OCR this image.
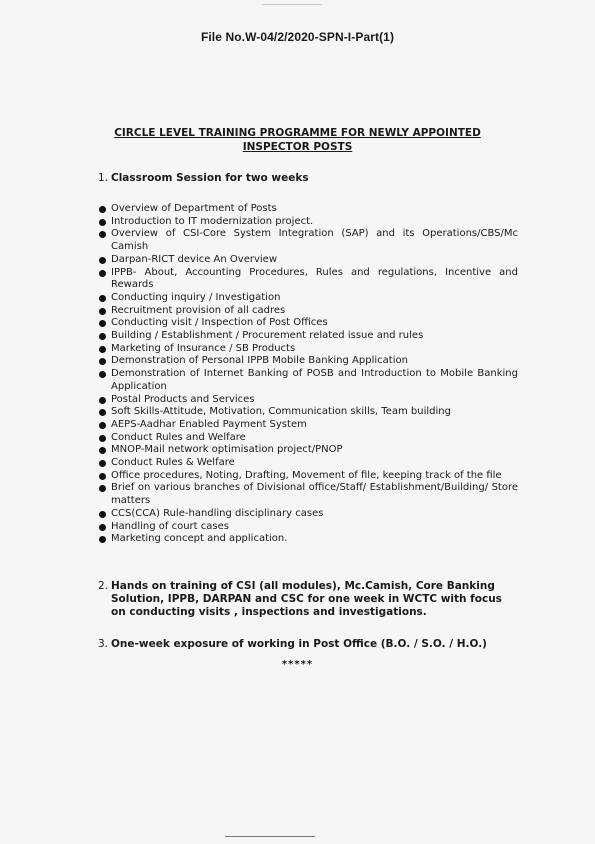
File No.W-04/2/2020-SPN-I-Part(1)
CIRCLE LEVEL TRAINING PROGRAMME FOR NEWLY APPOINTED
INSPECTOR POSTS
1. Classroom Session for two weeks
Overview of Department of Posts
Introduction to IT modernization project.
Overview of CSI-Core System Integration (SAP) and its Operations/CBS/Mc Camish
Darpan-RICT device An Overview
IPPB- About, Accounting Procedures, Rules and regulations, Incentive and Rewards
Conducting inquiry / Investigation
Recruitment provision of all cadres
Conducting visit / Inspection of Post Offices
Building / Establishment / Procurement related issue and rules
Marketing of Insurance / SB Products
Demonstration of Personal IPPB Mobile Banking Application
Demonstration of Internet Banking of POSB and Introduction to Mobile Banking Application
Postal Products and Services
Soft Skills-Attitude, Motivation, Communication skills, Team building
AEPS-Aadhar Enabled Payment System
Conduct Rules and Welfare
MNOP-Mail network optimisation project/PNOP
Conduct Rules & Welfare
Office procedures, Noting, Drafting, Movement of file, keeping track of the file
Brief on various branches of Divisional office/Staff/ Establishment/Building/ Store matters
CCS(CCA) Rule-handling disciplinary cases
Handling of court cases
Marketing concept and application.
2. Hands on training of CSI (all modules), Mc.Camish, Core Banking Solution, IPPB, DARPAN and CSC for one week in WCTC with focus on conducting visits , inspections and investigations.
3. One-week exposure of working in Post Office (B.O. / S.O. / H.O.)
*****
